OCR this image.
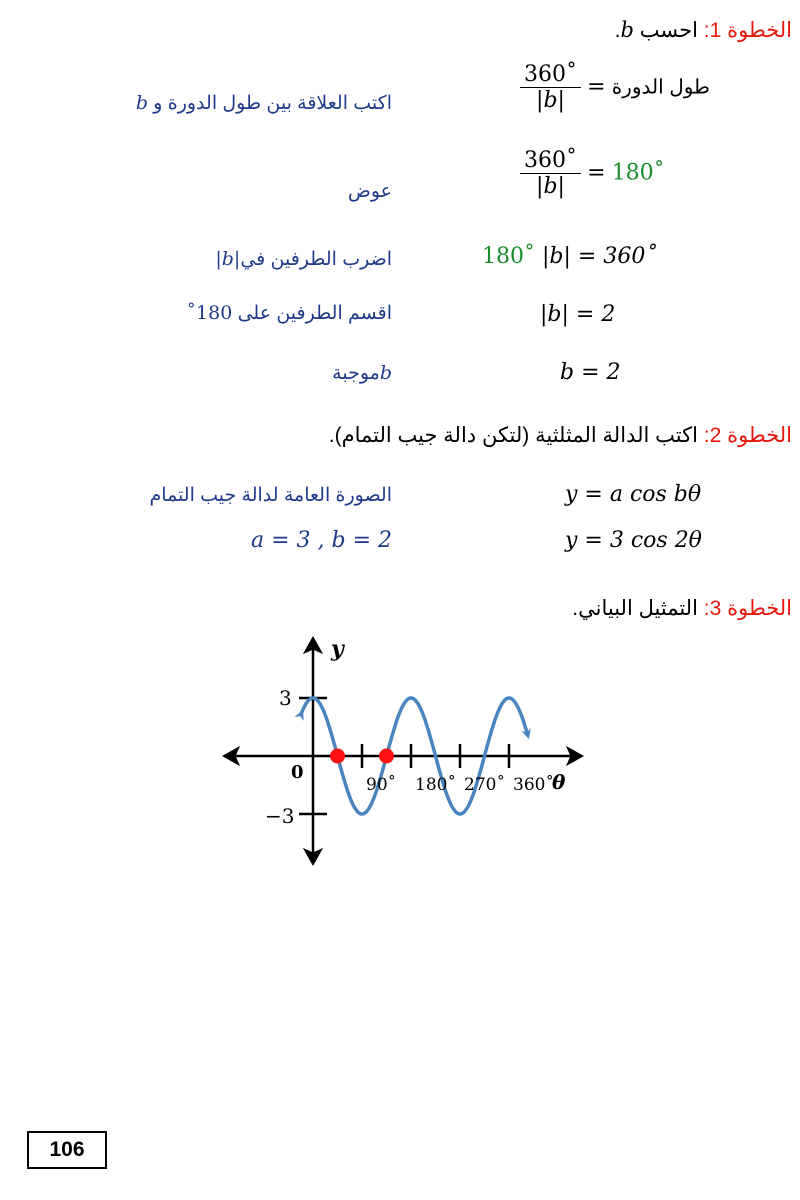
الخطوة 1: احسب b.
$\frac{360˚}{|b|}$ = طول الدورة
اكتب العلاقة بين طول الدورة و b
$\frac{360˚}{|b|}$ = 180˚
عوض
180˚ |b| = 360˚
اضرب الطرفين في|b|
|b| = 2
اقسم الطرفين على 180˚
b = 2
bموجبة
الخطوة 2: اكتب الدالة المثلثية (لتكن دالة جيب التمام).
y = a cos bθ
الصورة العامة لدالة جيب التمام
y = 3 cos 2θ
a = 3 , b = 2
الخطوة 3: التمثيل البياني.
y
θ
0
3
−3
90˚ 180˚ 270˚ 360˚
106
